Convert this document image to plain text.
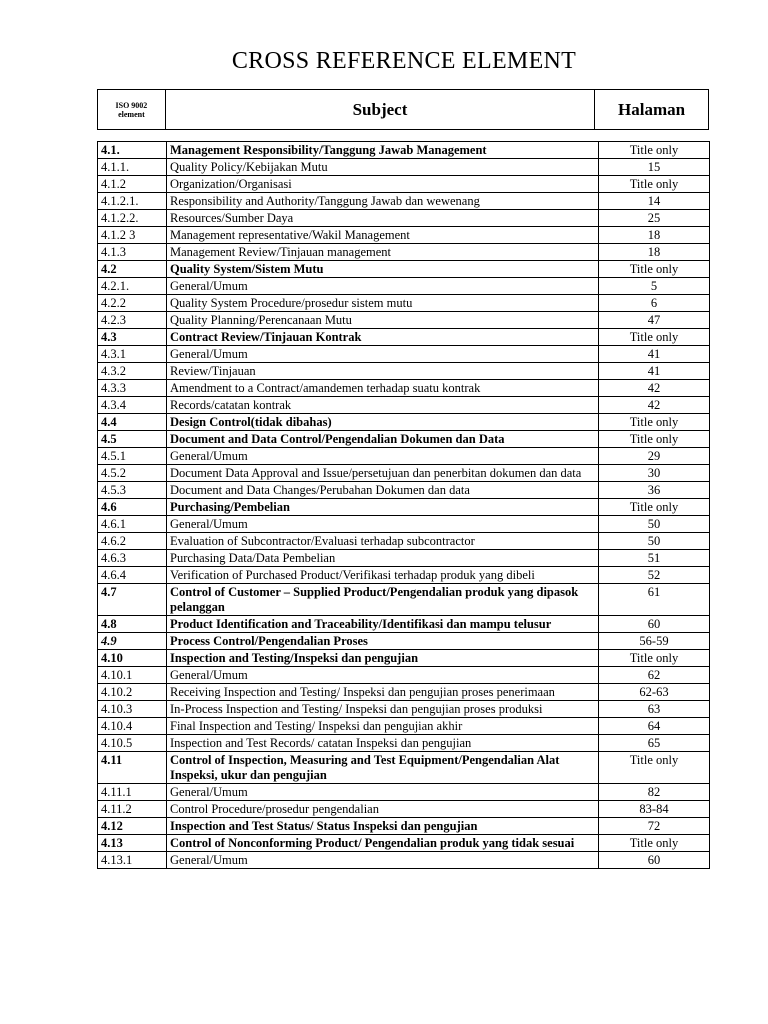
CROSS REFERENCE ELEMENT
ISO 9002
element	Subject	Halaman
4.1.	Management Responsibility/Tanggung Jawab Management	Title only
4.1.1.	Quality Policy/Kebijakan Mutu	15
4.1.2	Organization/Organisasi	Title only
4.1.2.1.	Responsibility and Authority/Tanggung Jawab dan wewenang	14
4.1.2.2.	Resources/Sumber Daya	25
4.1.2 3	Management representative/Wakil Management	18
4.1.3	Management Review/Tinjauan management	18
4.2	Quality System/Sistem Mutu	Title only
4.2.1.	General/Umum	5
4.2.2	Quality System Procedure/prosedur sistem mutu	6
4.2.3	Quality Planning/Perencanaan Mutu	47
4.3	Contract Review/Tinjauan Kontrak	Title only
4.3.1	General/Umum	41
4.3.2	Review/Tinjauan	41
4.3.3	Amendment to a Contract/amandemen terhadap suatu kontrak	42
4.3.4	Records/catatan kontrak	42
4.4	Design Control(tidak dibahas)	Title only
4.5	Document and Data Control/Pengendalian Dokumen dan Data	Title only
4.5.1	General/Umum	29
4.5.2	Document Data Approval and Issue/persetujuan dan penerbitan dokumen dan data	30
4.5.3	Document and Data Changes/Perubahan Dokumen dan data	36
4.6	Purchasing/Pembelian	Title only
4.6.1	General/Umum	50
4.6.2	Evaluation of Subcontractor/Evaluasi terhadap subcontractor	50
4.6.3	Purchasing Data/Data Pembelian	51
4.6.4	Verification of Purchased Product/Verifikasi terhadap produk yang dibeli	52
4.7	Control of Customer – Supplied Product/Pengendalian produk yang dipasok pelanggan	61
4.8	Product Identification and Traceability/Identifikasi dan mampu telusur	60
4.9	Process Control/Pengendalian Proses	56-59
4.10	Inspection and Testing/Inspeksi dan pengujian	Title only
4.10.1	General/Umum	62
4.10.2	Receiving Inspection and Testing/ Inspeksi dan pengujian proses penerimaan	62-63
4.10.3	In-Process Inspection and Testing/ Inspeksi dan pengujian proses produksi	63
4.10.4	Final Inspection and Testing/ Inspeksi dan pengujian akhir	64
4.10.5	Inspection and Test Records/ catatan Inspeksi dan pengujian	65
4.11	Control of Inspection, Measuring and Test Equipment/Pengendalian Alat Inspeksi, ukur dan pengujian	Title only
4.11.1	General/Umum	82
4.11.2	Control Procedure/prosedur pengendalian	83-84
4.12	Inspection and Test Status/ Status Inspeksi dan pengujian	72
4.13	Control of Nonconforming Product/ Pengendalian produk yang tidak sesuai	Title only
4.13.1	General/Umum	60
